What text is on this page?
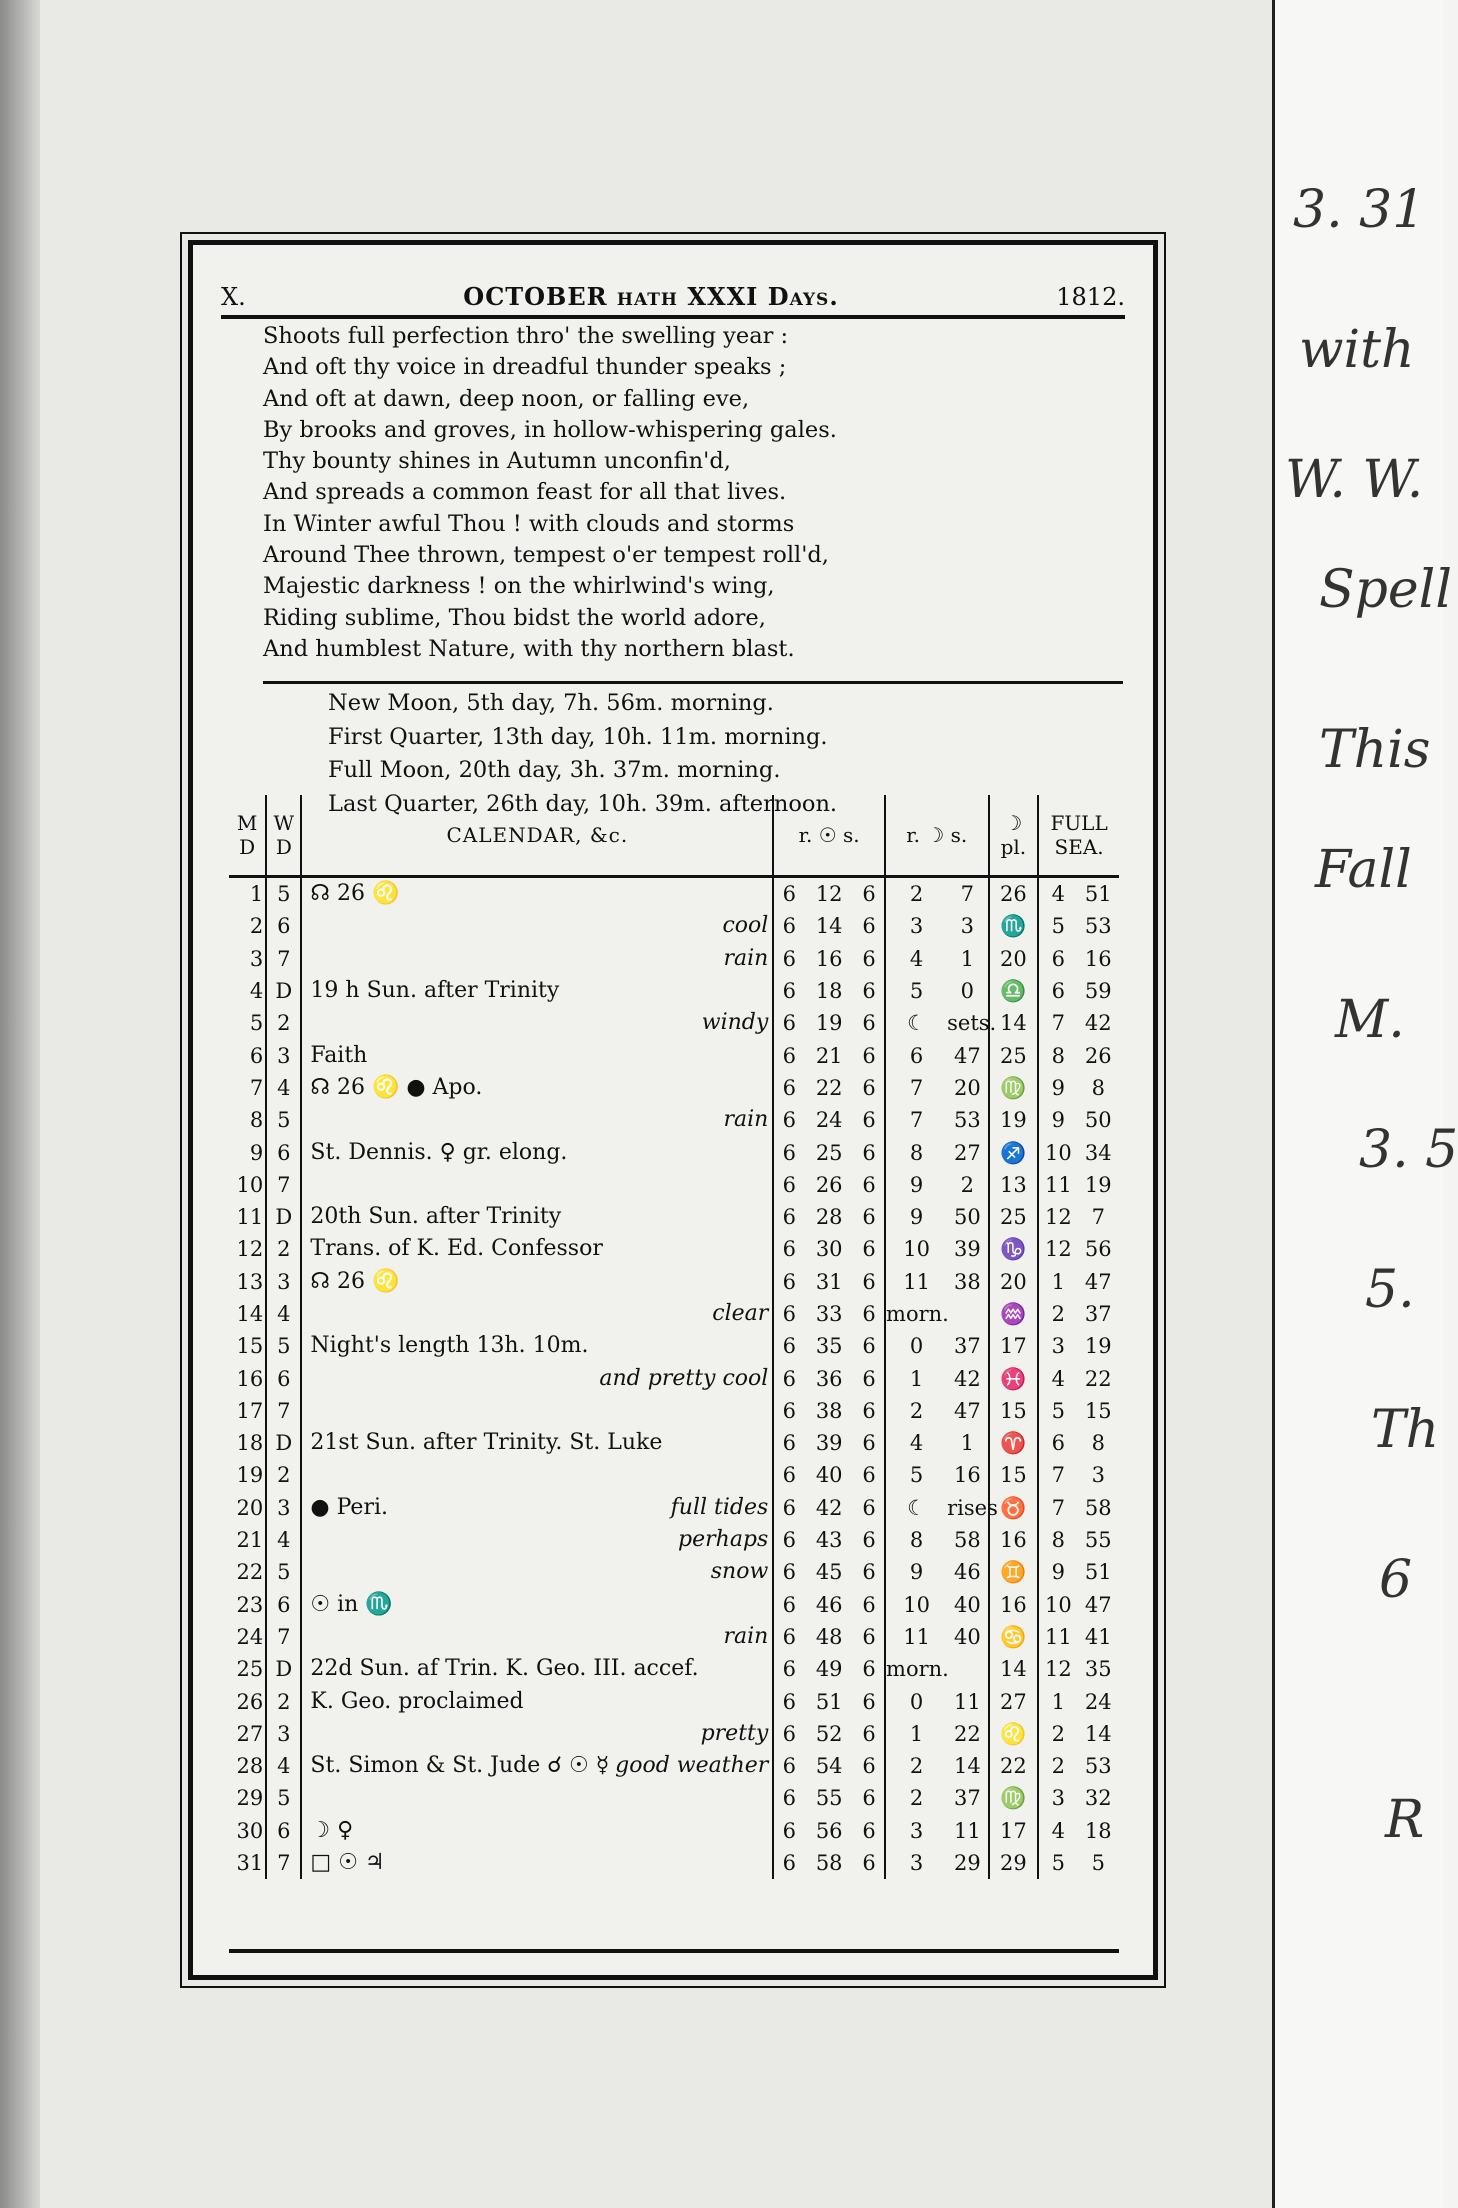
3. 31
with
W. W.
Spell
This
Fall
M.
3. 5
5.
Th
6
R
X.	OCTOBER hath XXXI Days.	1812.
Shoots full perfection thro' the swelling year :
And oft thy voice in dreadful thunder speaks ;
And oft at dawn, deep noon, or falling eve,
By brooks and groves, in hollow-whispering gales.
Thy bounty shines in Autumn unconfin'd,
And spreads a common feast for all that lives.
In Winter awful Thou ! with clouds and storms
Around Thee thrown, tempest o'er tempest roll'd,
Majestic darkness ! on the whirlwind's wing,
Riding sublime, Thou bidst the world adore,
And humblest Nature, with thy northern blast.
New Moon, 5th day, 7h. 56m. morning.
First Quarter, 13th day, 10h. 11m. morning.
Full Moon, 20th day, 3h. 37m. morning.
Last Quarter, 26th day, 10h. 39m. afternoon.
M D	W D	CALENDAR, &c.	r. ☉ s.			r. ☽ s.		☽ pl.	FULL SEA.	
1	5	☊ 26 ♌	6	12	6	2	7	26	4	51
2	6	cool	6	14	6	3	3	♏	5	53
3	7	rain	6	16	6	4	1	20	6	16
4	D	19 h Sun. after Trinity	6	18	6	5	0	♎	6	59
5	2	windy	6	19	6	☾	sets.	14	7	42
6	3	Faith	6	21	6	6	47	25	8	26
7	4	☊ 26 ♌ ● Apo.	6	22	6	7	20	♍	9	8
8	5	rain	6	24	6	7	53	19	9	50
9	6	St. Dennis. ♀ gr. elong.	6	25	6	8	27	♐	10	34
10	7		6	26	6	9	2	13	11	19
11	D	20th Sun. after Trinity	6	28	6	9	50	25	12	7
12	2	Trans. of K. Ed. Confessor	6	30	6	10	39	♑	12	56
13	3	☊ 26 ♌	6	31	6	11	38	20	1	47
14	4	clear	6	33	6	morn.		♒	2	37
15	5	Night's length 13h. 10m.	6	35	6	0	37	17	3	19
16	6	and pretty cool	6	36	6	1	42	♓	4	22
17	7		6	38	6	2	47	15	5	15
18	D	21st Sun. after Trinity. St. Luke	6	39	6	4	1	♈	6	8
19	2		6	40	6	5	16	15	7	3
20	3	● Peri. full tides	6	42	6	☾	rises	♉	7	58
21	4	perhaps	6	43	6	8	58	16	8	55
22	5	snow	6	45	6	9	46	♊	9	51
23	6	☉ in ♏	6	46	6	10	40	16	10	47
24	7	rain	6	48	6	11	40	♋	11	41
25	D	22d Sun. af Trin. K. Geo. III. accef.	6	49	6	morn.		14	12	35
26	2	K. Geo. proclaimed	6	51	6	0	11	27	1	24
27	3	pretty	6	52	6	1	22	♌	2	14
28	4	St. Simon & St. Jude ☌ ☉ ☿ good weather	6	54	6	2	14	22	2	53
29	5		6	55	6	2	37	♍	3	32
30	6	☽ ♀	6	56	6	3	11	17	4	18
31	7	□ ☉ ♃	6	58	6	3	29	29	5	5
